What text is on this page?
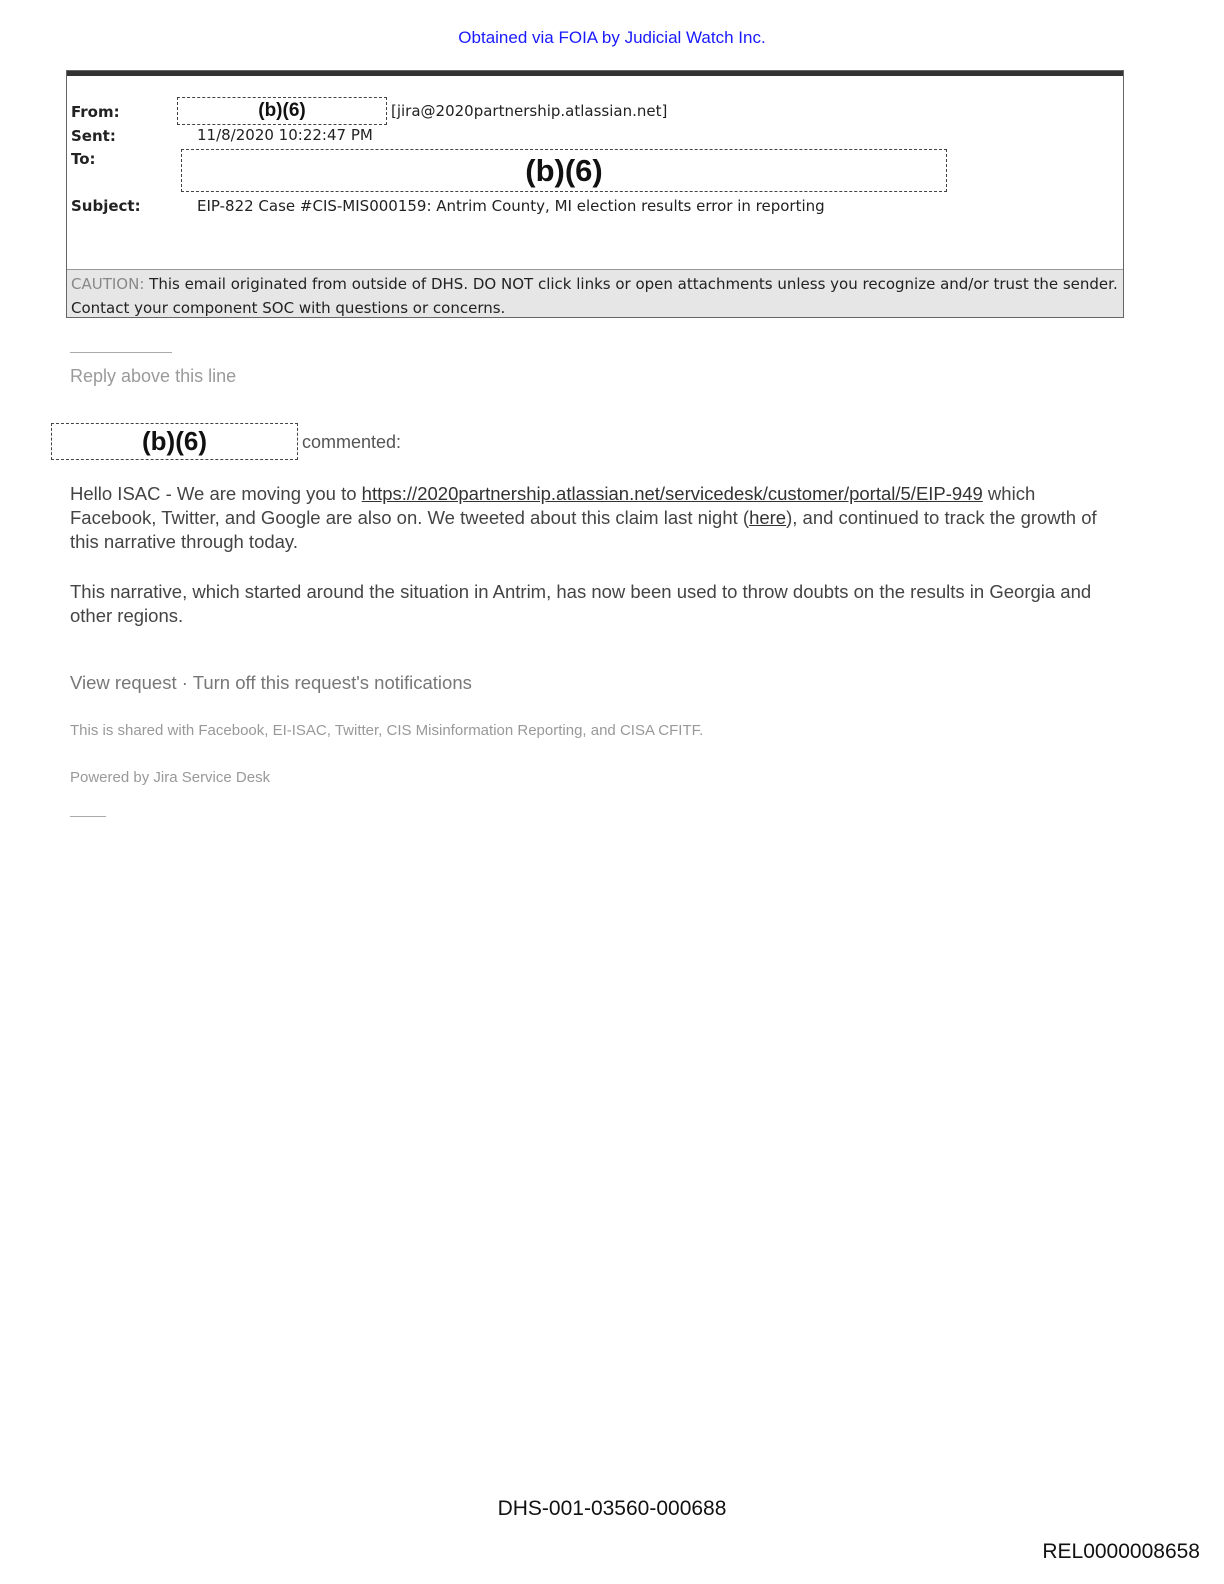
Obtained via FOIA by Judicial Watch Inc.
From:	(b)(6)	[jira@2020partnership.atlassian.net]
Sent:	11/8/2020 10:22:47 PM
To:	(b)(6)
Subject:	EIP-822 Case #CIS-MIS000159: Antrim County, MI election results error in reporting
CAUTION: This email originated from outside of DHS. DO NOT click links or open attachments unless you recognize and/or trust the sender. Contact your component SOC with questions or concerns.
Reply above this line
(b)(6)	commented:
Hello ISAC - We are moving you to https://2020partnership.atlassian.net/servicedesk/customer/portal/5/EIP-949 which Facebook, Twitter, and Google are also on. We tweeted about this claim last night (here), and continued to track the growth of this narrative through today.
This narrative, which started around the situation in Antrim, has now been used to throw doubts on the results in Georgia and other regions.
View request · Turn off this request's notifications
This is shared with Facebook, EI-ISAC, Twitter, CIS Misinformation Reporting, and CISA CFITF.
Powered by Jira Service Desk
DHS-001-03560-000688
REL0000008658
